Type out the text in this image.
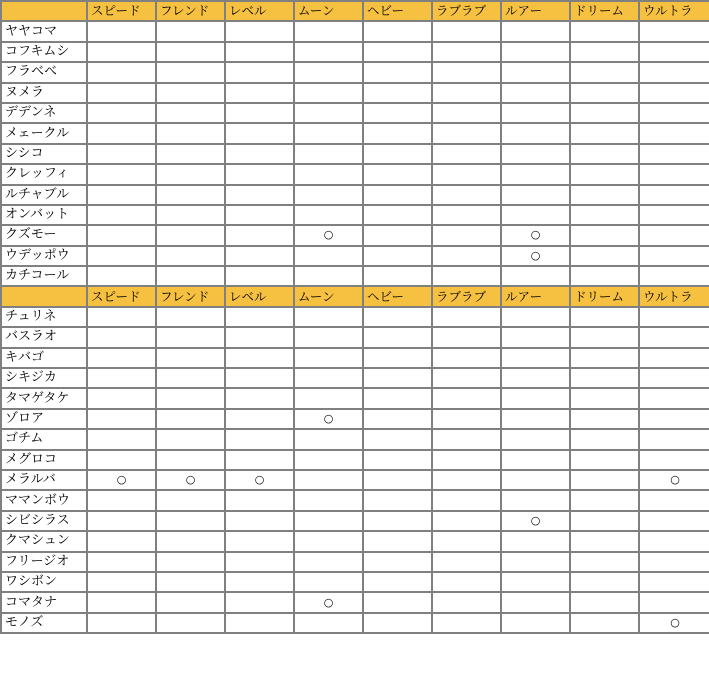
	スピード	フレンド	レベル	ムーン	ヘビー	ラブラブ	ルアー	ドリーム	ウルトラ
ヤヤコマ									
コフキムシ									
フラベベ									
ヌメラ									
デデンネ									
メェークル									
シシコ									
クレッフィ									
ルチャブル									
オンバット									
クズモー				○			○		
ウデッポウ							○		
カチコール									
	スピード	フレンド	レベル	ムーン	ヘビー	ラブラブ	ルアー	ドリーム	ウルトラ
チュリネ									
バスラオ									
キバゴ									
シキジカ									
タマゲタケ									
ゾロア				○					
ゴチム									
メグロコ									
メラルバ	○	○	○						○
ママンボウ									
シビシラス							○		
クマシュン									
フリージオ									
ワシボン									
コマタナ				○					
モノズ									○
